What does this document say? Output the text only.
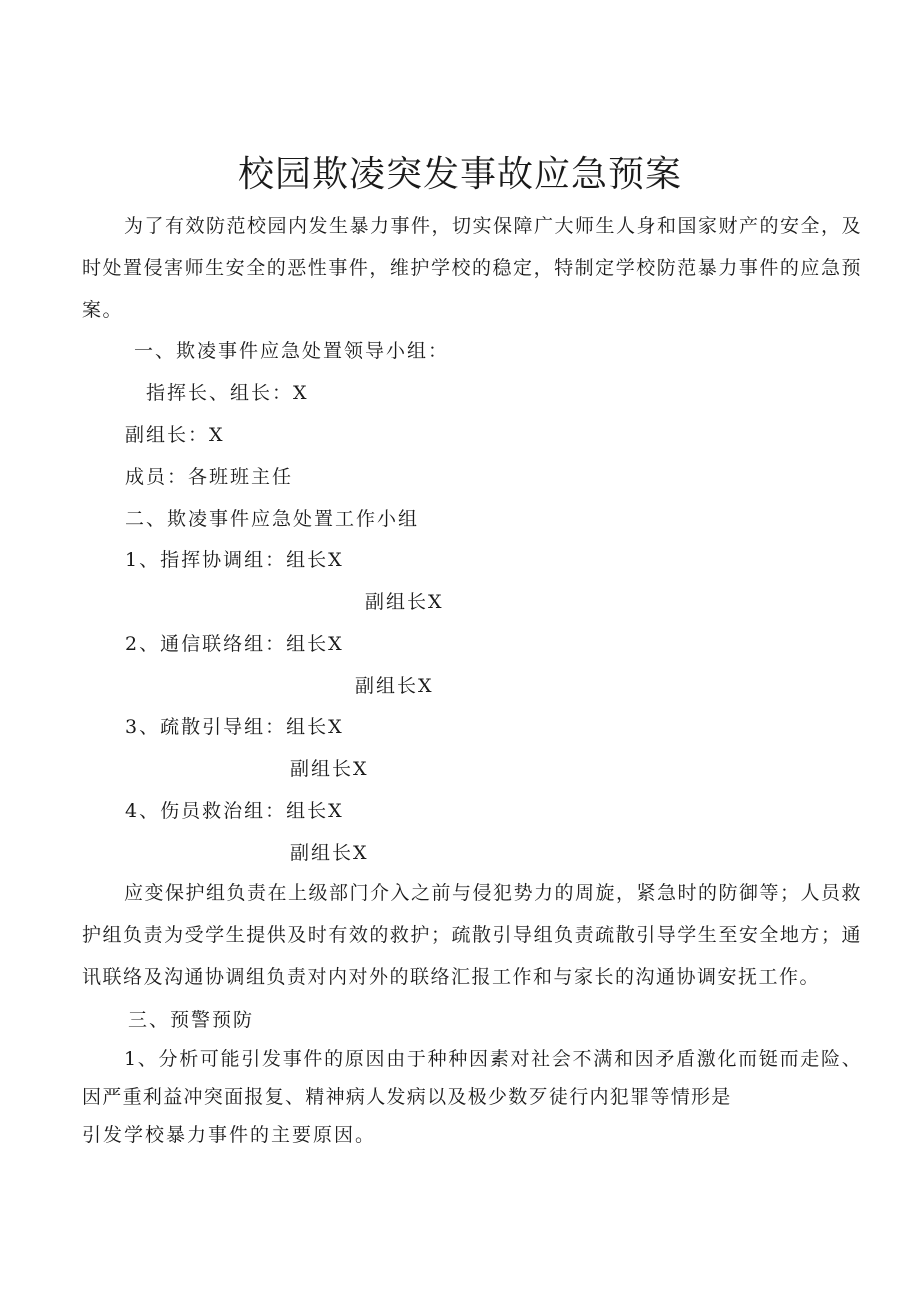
校园欺凌突发事故应急预案
为了有效防范校园内发生暴力事件，切实保障广大师生人身和国家财产的安全，及时处置侵害师生安全的恶性事件，维护学校的稳定，特制定学校防范暴力事件的应急预案。
一、欺凌事件应急处置领导小组：
指挥长、组长：X
副组长：X
成员：各班班主任
二、欺凌事件应急处置工作小组
1、指挥协调组：组长X
副组长X
2、通信联络组：组长X
副组长X
3、疏散引导组：组长X
副组长X
4、伤员救治组：组长X
副组长X
应变保护组负责在上级部门介入之前与侵犯势力的周旋，紧急时的防御等；人员救护组负责为受学生提供及时有效的救护；疏散引导组负责疏散引导学生至安全地方；通讯联络及沟通协调组负责对内对外的联络汇报工作和与家长的沟通协调安抚工作。
三、预警预防
1、分析可能引发事件的原因由于种种因素对社会不满和因矛盾激化而铤而走险、因严重利益冲突面报复、精神病人发病以及极少数歹徒行内犯罪等情形是
引发学校暴力事件的主要原因。
